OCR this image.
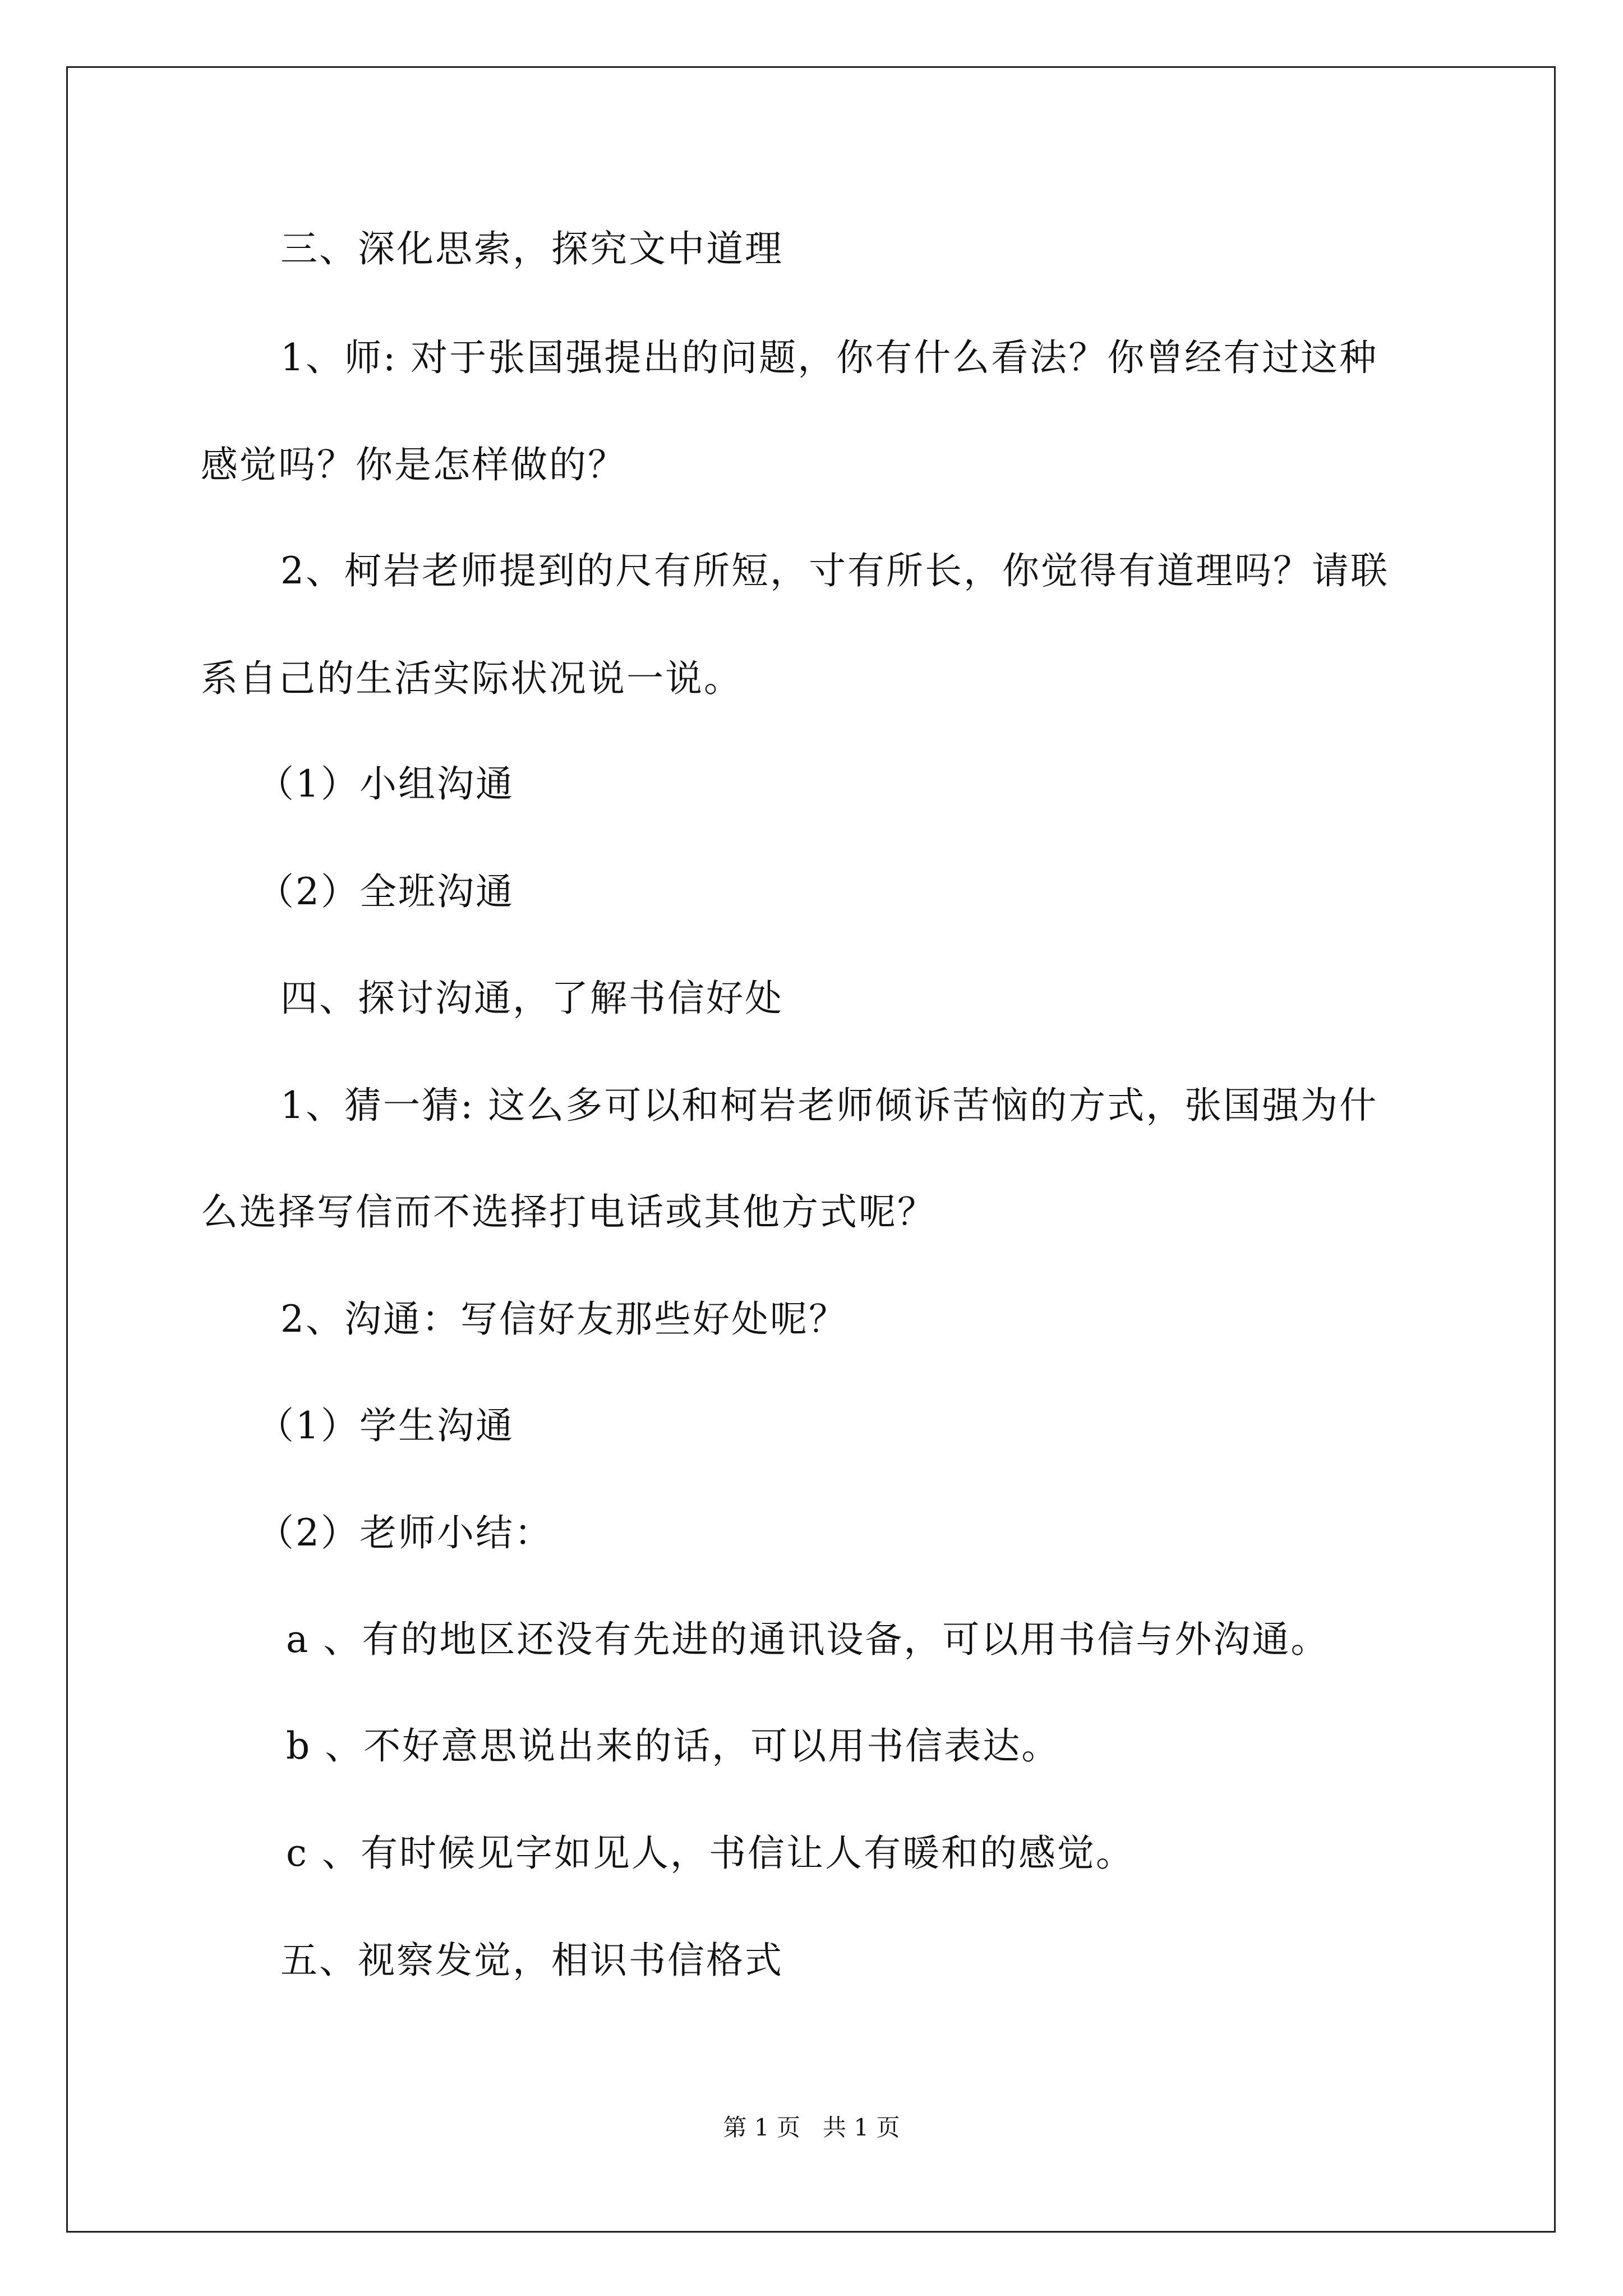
三、深化思索，探究文中道理
1、师: 对于张国强提出的问题，你有什么看法？你曾经有过这种
感觉吗？你是怎样做的？
2、柯岩老师提到的尺有所短，寸有所长，你觉得有道理吗？请联
系自己的生活实际状况说一说。
（1）小组沟通
（2）全班沟通
四、探讨沟通，了解书信好处
1、猜一猜: 这么多可以和柯岩老师倾诉苦恼的方式，张国强为什
么选择写信而不选择打电话或其他方式呢？
2、沟通：写信好友那些好处呢？
（1）学生沟通
（2）老师小结：
a 、有的地区还没有先进的通讯设备，可以用书信与外沟通。
b 、不好意思说出来的话，可以用书信表达。
c 、有时候见字如见人，书信让人有暖和的感觉。
五、视察发觉，相识书信格式
第 1 页   共 1 页
